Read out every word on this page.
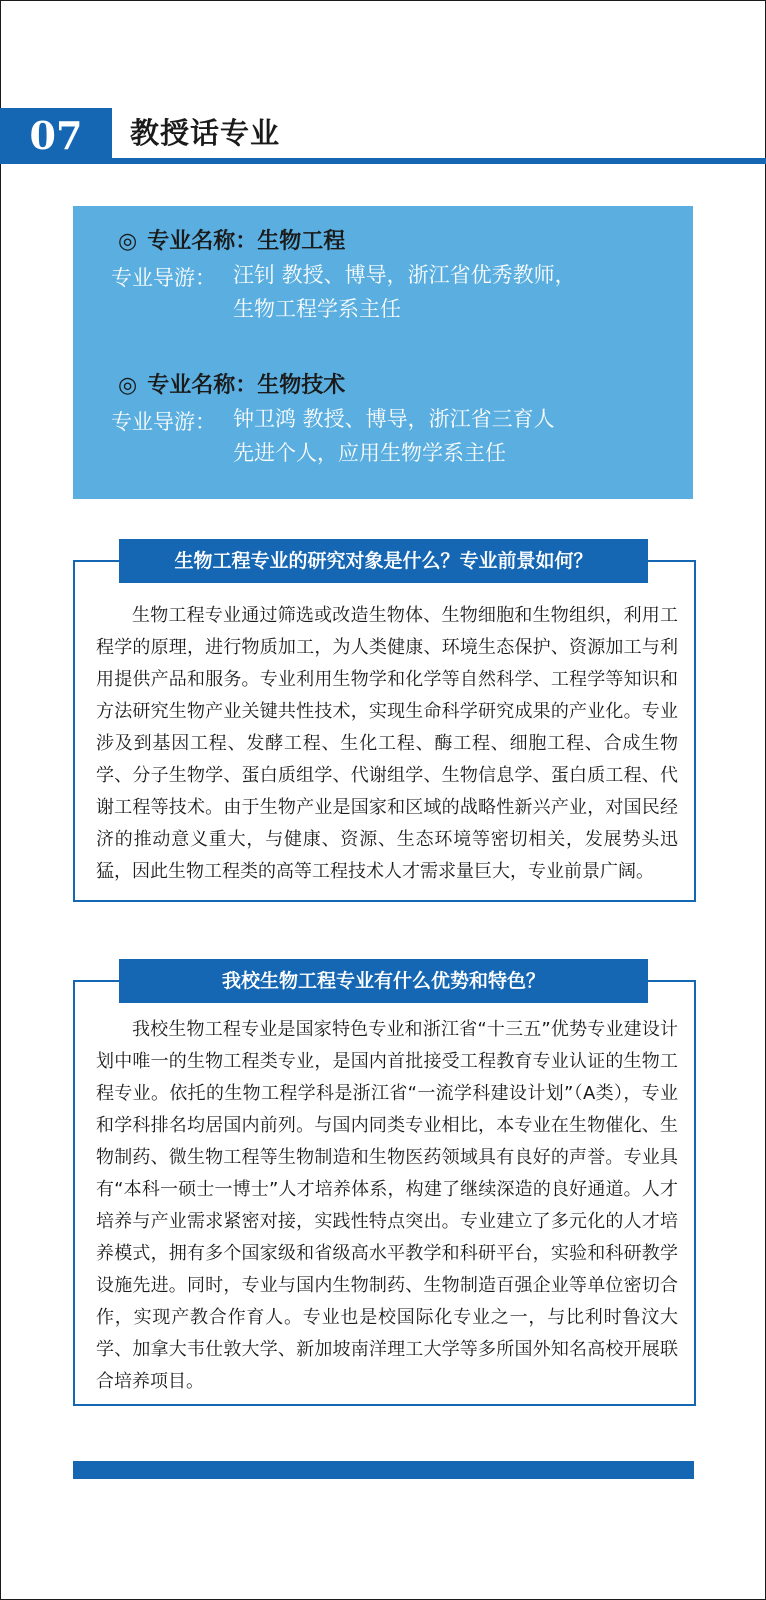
07	教授话专业
◎ 专业名称：生物工程
专业导游： 汪钊 教授、博导，浙江省优秀教师，
生物工程学系主任
◎ 专业名称：生物技术
专业导游： 钟卫鸿 教授、博导，浙江省三育人
先进个人，应用生物学系主任
生物工程专业的研究对象是什么？专业前景如何？

生物工程专业通过筛选或改造生物体、生物细胞和生物组织，利用工程学的原理，进行物质加工，为人类健康、环境生态保护、资源加工与利用提供产品和服务。专业利用生物学和化学等自然科学、工程学等知识和方法研究生物产业关键共性技术，实现生命科学研究成果的产业化。专业涉及到基因工程、发酵工程、生化工程、酶工程、细胞工程、合成生物学、分子生物学、蛋白质组学、代谢组学、生物信息学、蛋白质工程、代谢工程等技术。由于生物产业是国家和区域的战略性新兴产业，对国民经济的推动意义重大，与健康、资源、生态环境等密切相关，发展势头迅猛，因此生物工程类的高等工程技术人才需求量巨大，专业前景广阔。

我校生物工程专业有什么优势和特色？

我校生物工程专业是国家特色专业和浙江省“十三五”优势专业建设计划中唯一的生物工程类专业，是国内首批接受工程教育专业认证的生物工程专业。依托的生物工程学科是浙江省“一流学科建设计划”（A类），专业和学科排名均居国内前列。与国内同类专业相比，本专业在生物催化、生物制药、微生物工程等生物制造和生物医药领域具有良好的声誉。专业具有“本科一硕士一博士”人才培养体系，构建了继续深造的良好通道。人才培养与产业需求紧密对接，实践性特点突出。专业建立了多元化的人才培养模式，拥有多个国家级和省级高水平教学和科研平台，实验和科研教学设施先进。同时，专业与国内生物制药、生物制造百强企业等单位密切合作，实现产教合作育人。专业也是校国际化专业之一，与比利时鲁汶大学、加拿大韦仕敦大学、新加坡南洋理工大学等多所国外知名高校开展联合培养项目。
